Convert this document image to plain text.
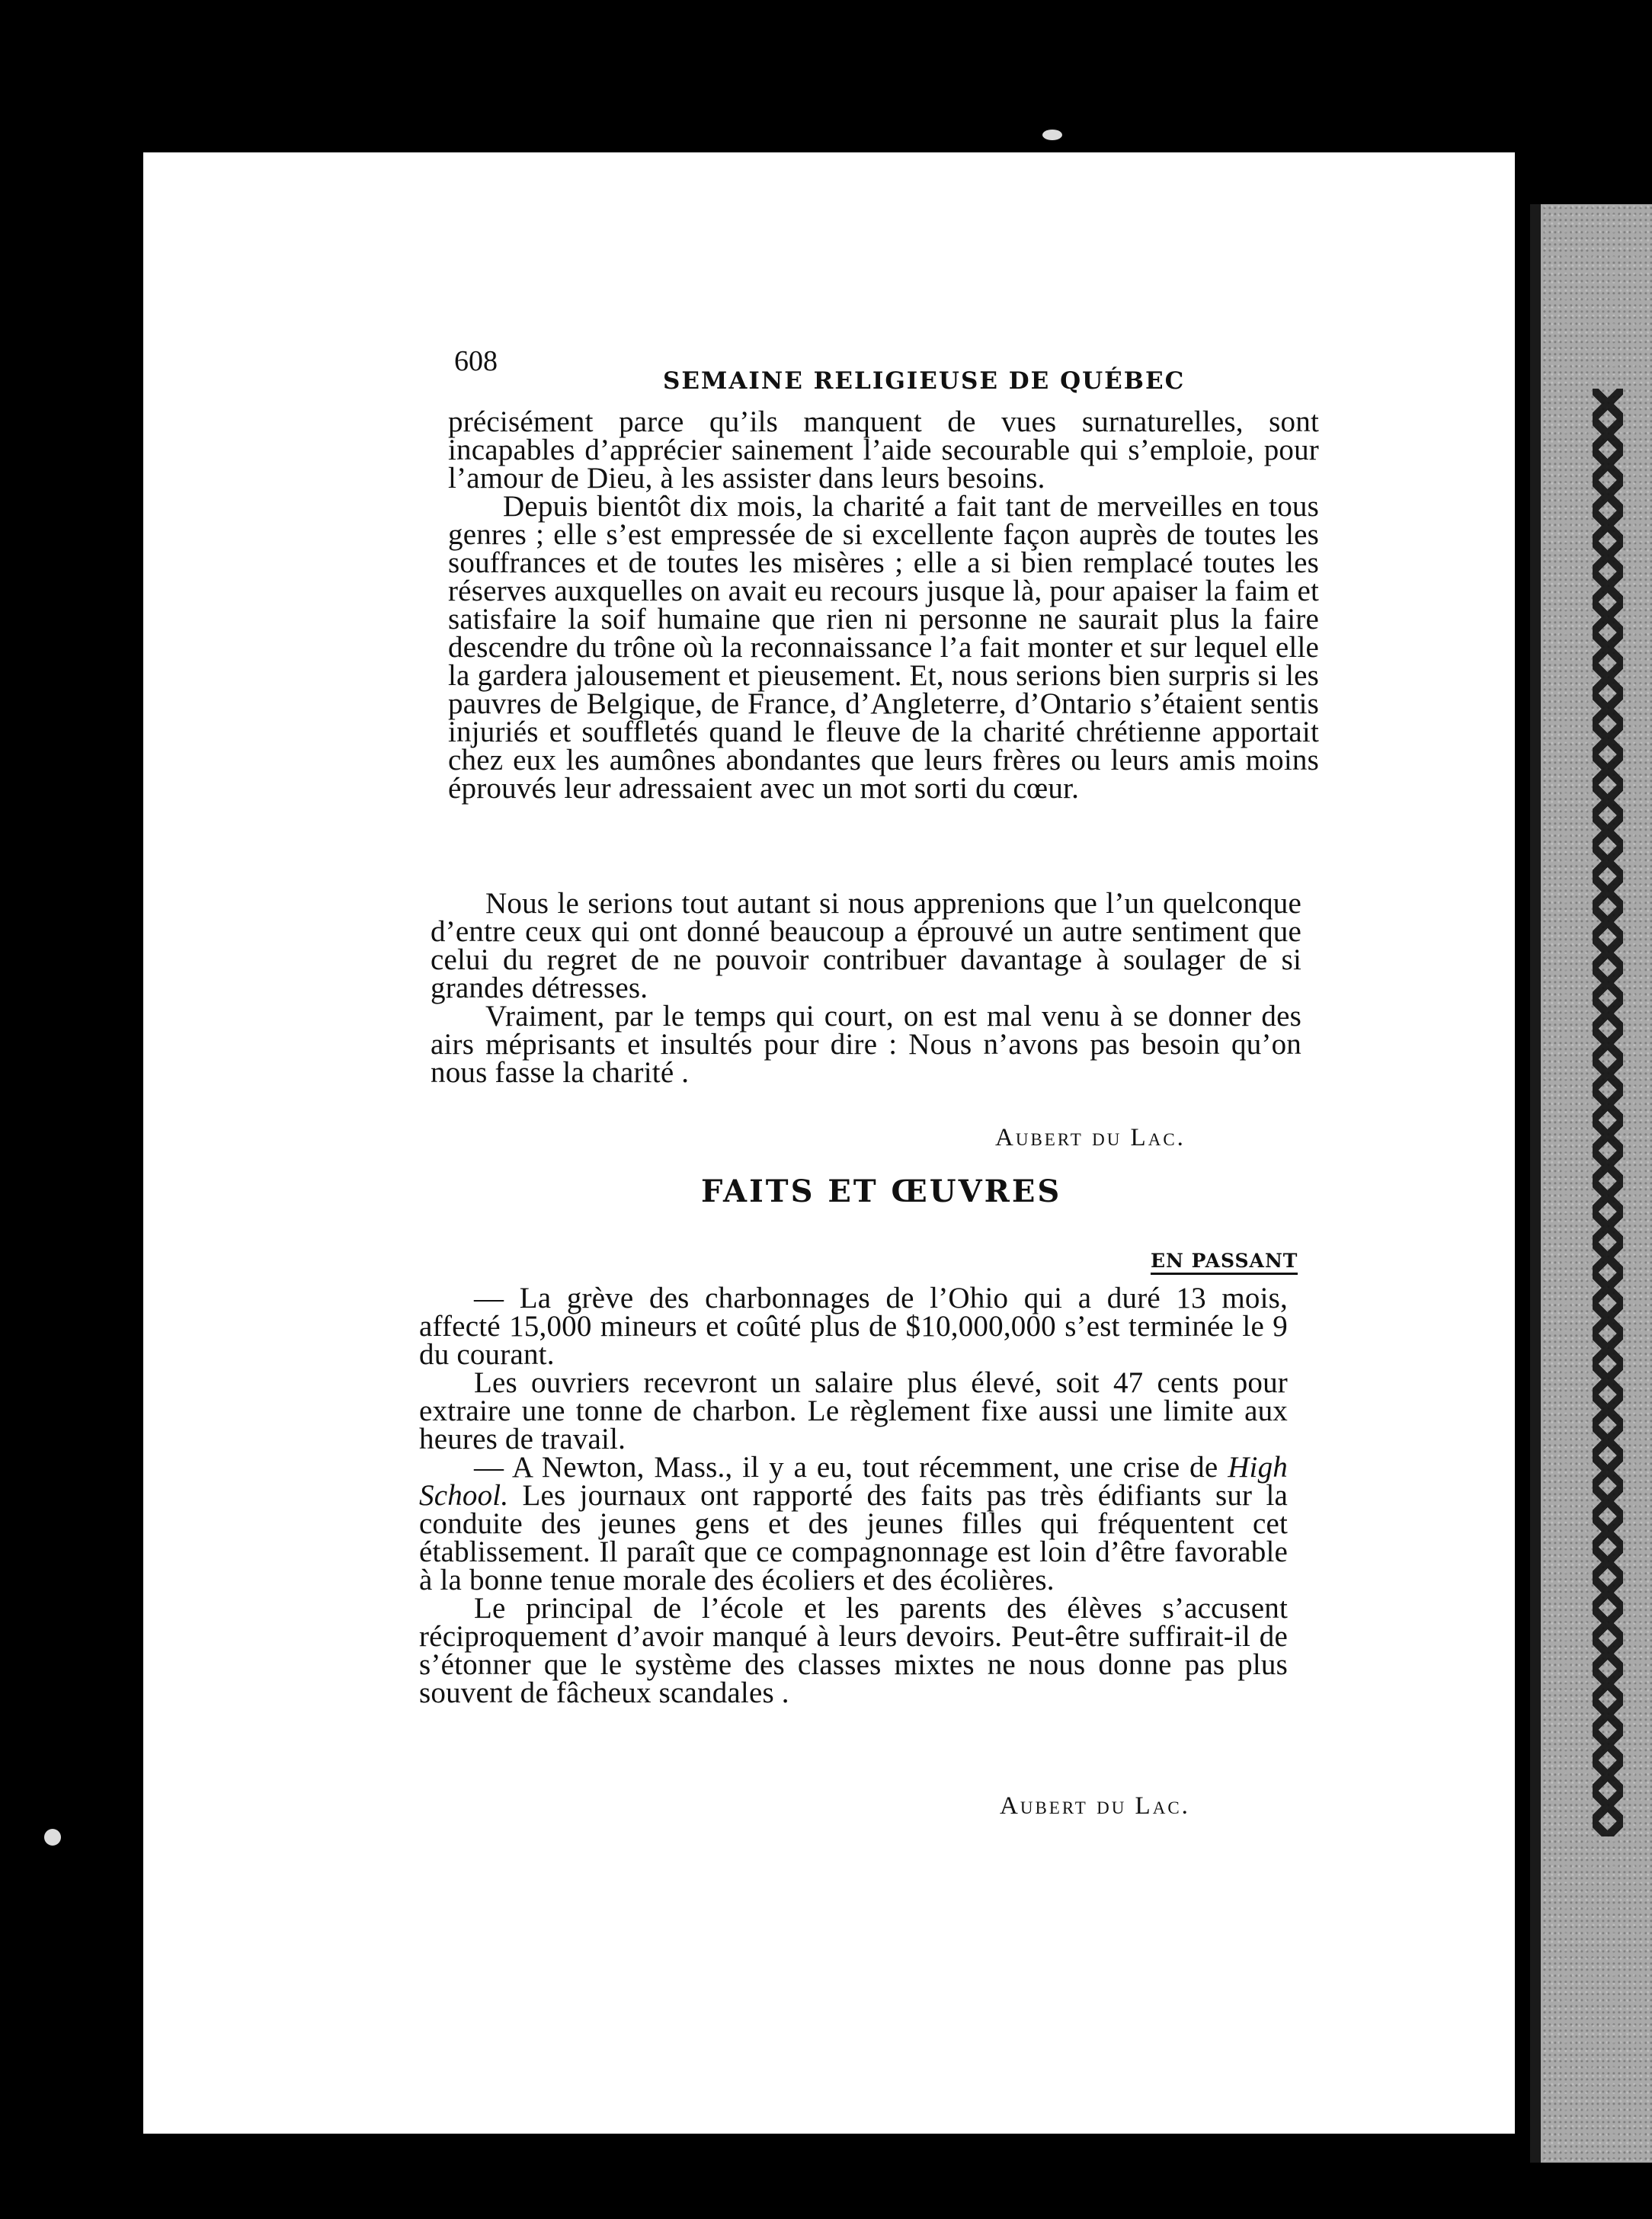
608
SEMAINE RELIGIEUSE DE QUÉBEC

précisément parce qu’ils manquent de vues surnaturelles, sont incapables d’apprécier sainement l’aide secourable qui s’emploie, pour l’amour de Dieu, à les assister dans leurs besoins.

Depuis bientôt dix mois, la charité a fait tant de merveilles en tous genres ; elle s’est empressée de si excellente façon auprès de toutes les souffrances et de toutes les misères ; elle a si bien remplacé toutes les réserves auxquelles on avait eu recours jusque là, pour apaiser la faim et satisfaire la soif humaine que rien ni personne ne saurait plus la faire descendre du trône où la reconnaissance l’a fait monter et sur lequel elle la gardera jalousement et pieusement. Et, nous serions bien surpris si les pauvres de Belgique, de France, d’Angleterre, d’Ontario s’étaient sentis injuriés et souffletés quand le fleuve de la charité chrétienne apportait chez eux les aumônes abondantes que leurs frères ou leurs amis moins éprouvés leur adressaient avec un mot sorti du cœur.

Nous le serions tout autant si nous apprenions que l’un quelconque d’entre ceux qui ont donné beaucoup a éprouvé un autre sentiment que celui du regret de ne pouvoir contribuer davantage à soulager de si grandes détresses.

Vraiment, par le temps qui court, on est mal venu à se donner des airs méprisants et insultés pour dire : Nous n’avons pas besoin qu’on nous fasse la charité .

Aubert du Lac.
FAITS ET ŒUVRES
EN PASSANT

— La grève des charbonnages de l’Ohio qui a duré 13 mois, affecté 15,000 mineurs et coûté plus de $10,000,000 s’est terminée le 9 du courant.

Les ouvriers recevront un salaire plus élevé, soit 47 cents pour extraire une tonne de charbon. Le règlement fixe aussi une limite aux heures de travail.

— A Newton, Mass., il y a eu, tout récemment, une crise de High School. Les journaux ont rapporté des faits pas très édifiants sur la conduite des jeunes gens et des jeunes filles qui fréquentent cet établissement. Il paraît que ce compagnonnage est loin d’être favorable à la bonne tenue morale des écoliers et des écolières.

Le principal de l’école et les parents des élèves s’accusent réciproquement d’avoir manqué à leurs devoirs. Peut-être suffirait-il de s’étonner que le système des classes mixtes ne nous donne pas plus souvent de fâcheux scandales .

Aubert du Lac.
